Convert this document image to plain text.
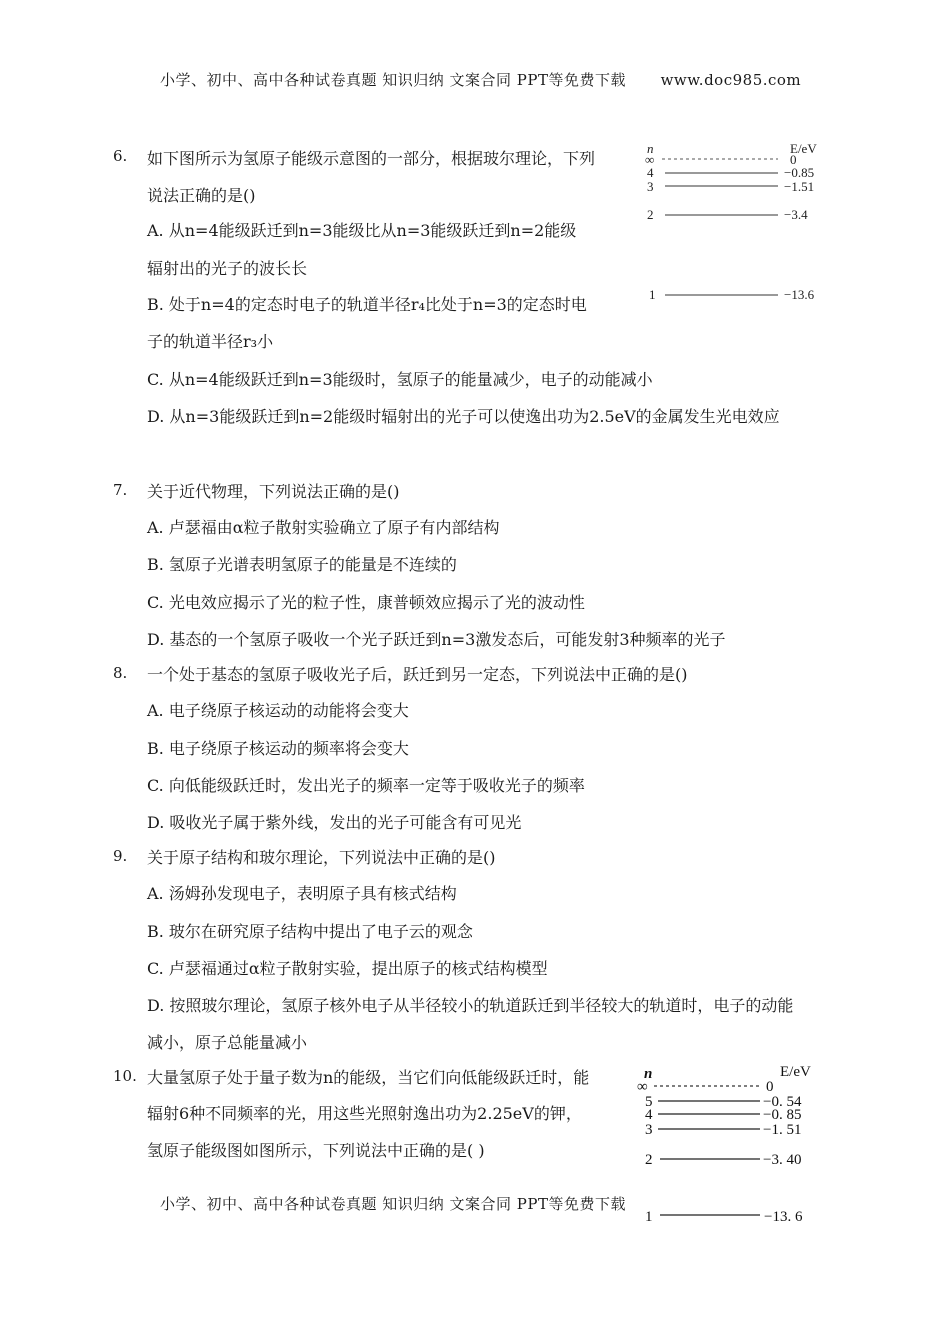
小学、初中、高中各种试卷真题 知识归纳 文案合同 PPT等免费下载 www.doc985.com
6. 如下图所示为氢原子能级示意图的一部分，根据玻尔理论，下列
说法正确的是()
A. 从n=4能级跃迁到n=3能级比从n=3能级跃迁到n=2能级
辐射出的光子的波长长
B. 处于n=4的定态时电子的轨道半径r₄比处于n=3的定态时电
子的轨道半径r₃小
C. 从n=4能级跃迁到n=3能级时，氢原子的能量减少，电子的动能减小
D. 从n=3能级跃迁到n=2能级时辐射出的光子可以使逸出功为2.5eV的金属发生光电效应
n	E/eV
∞	0
4	−0.85
3	−1.51
2	−3.4
1	−13.6
7. 关于近代物理，下列说法正确的是()
A. 卢瑟福由α粒子散射实验确立了原子有内部结构
B. 氢原子光谱表明氢原子的能量是不连续的
C. 光电效应揭示了光的粒子性，康普顿效应揭示了光的波动性
D. 基态的一个氢原子吸收一个光子跃迁到n=3激发态后，可能发射3种频率的光子
8. 一个处于基态的氢原子吸收光子后，跃迁到另一定态，下列说法中正确的是()
A. 电子绕原子核运动的动能将会变大
B. 电子绕原子核运动的频率将会变大
C. 向低能级跃迁时，发出光子的频率一定等于吸收光子的频率
D. 吸收光子属于紫外线，发出的光子可能含有可见光
9. 关于原子结构和玻尔理论，下列说法中正确的是()
A. 汤姆孙发现电子，表明原子具有核式结构
B. 玻尔在研究原子结构中提出了电子云的观念
C. 卢瑟福通过α粒子散射实验，提出原子的核式结构模型
D. 按照玻尔理论，氢原子核外电子从半径较小的轨道跃迁到半径较大的轨道时，电子的动能
减小，原子总能量减小
10. 大量氢原子处于量子数为n的能级，当它们向低能级跃迁时，能
辐射6种不同频率的光，用这些光照射逸出功为2.25eV的钾，
氢原子能级图如图所示，下列说法中正确的是( )
n	E/eV
∞	0
5	−0. 54
4	−0. 85
3	−1. 51
2	−3. 40
1	−13. 6
小学、初中、高中各种试卷真题 知识归纳 文案合同 PPT等免费下载
